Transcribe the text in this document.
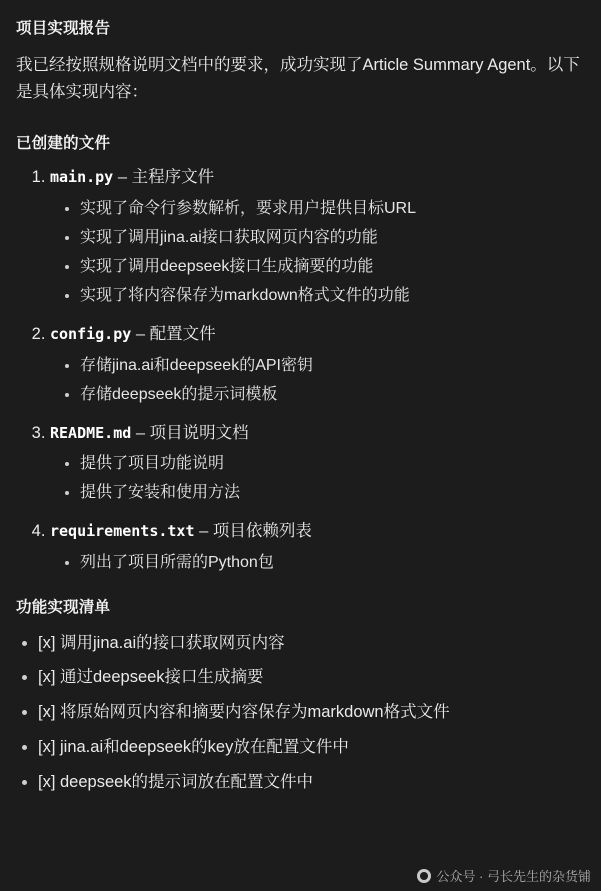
项目实现报告

我已经按照规格说明文档中的要求，成功实现了Article Summary Agent。以下是具体实现内容：

已创建的文件
1. main.py – 主程序文件
• 实现了命令行参数解析，要求用户提供目标URL
• 实现了调用jina.ai接口获取网页内容的功能
• 实现了调用deepseek接口生成摘要的功能
• 实现了将内容保存为markdown格式文件的功能
2. config.py – 配置文件
• 存储jina.ai和deepseek的API密钥
• 存储deepseek的提示词模板
3. README.md – 项目说明文档
• 提供了项目功能说明
• 提供了安装和使用方法
4. requirements.txt – 项目依赖列表
• 列出了项目所需的Python包
功能实现清单
• [x] 调用jina.ai的接口获取网页内容
• [x] 通过deepseek接口生成摘要
• [x] 将原始网页内容和摘要内容保存为markdown格式文件
• [x] jina.ai和deepseek的key放在配置文件中
• [x] deepseek的提示词放在配置文件中
公众号 · 弓长先生的杂货铺
